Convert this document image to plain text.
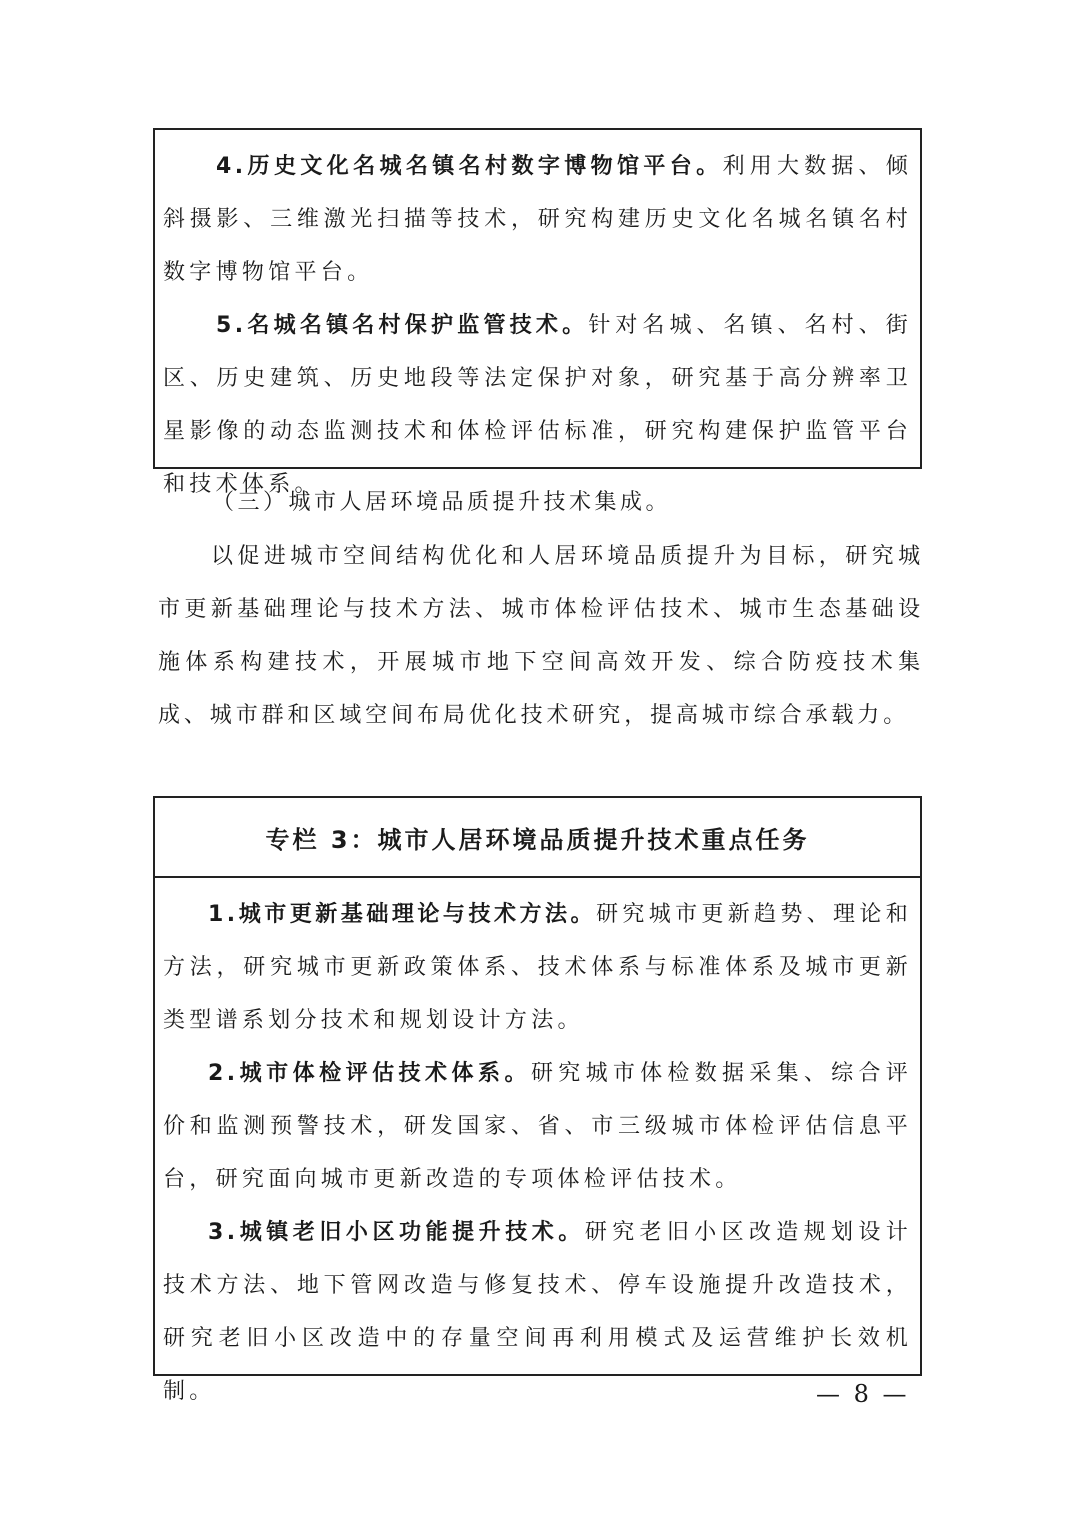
4.历史文化名城名镇名村数字博物馆平台。利用大数据、倾斜摄影、三维激光扫描等技术，研究构建历史文化名城名镇名村数字博物馆平台。

5.名城名镇名村保护监管技术。针对名城、名镇、名村、街区、历史建筑、历史地段等法定保护对象，研究基于高分辨率卫星影像的动态监测技术和体检评估标准，研究构建保护监管平台和技术体系。

（三）城市人居环境品质提升技术集成。

以促进城市空间结构优化和人居环境品质提升为目标，研究城市更新基础理论与技术方法、城市体检评估技术、城市生态基础设施体系构建技术，开展城市地下空间高效开发、综合防疫技术集成、城市群和区域空间布局优化技术研究，提高城市综合承载力。

专栏 3：城市人居环境品质提升技术重点任务

1.城市更新基础理论与技术方法。研究城市更新趋势、理论和方法，研究城市更新政策体系、技术体系与标准体系及城市更新类型谱系划分技术和规划设计方法。

2.城市体检评估技术体系。研究城市体检数据采集、综合评价和监测预警技术，研发国家、省、市三级城市体检评估信息平台，研究面向城市更新改造的专项体检评估技术。

3.城镇老旧小区功能提升技术。研究老旧小区改造规划设计技术方法、地下管网改造与修复技术、停车设施提升改造技术，研究老旧小区改造中的存量空间再利用模式及运营维护长效机制。	— 8 —
